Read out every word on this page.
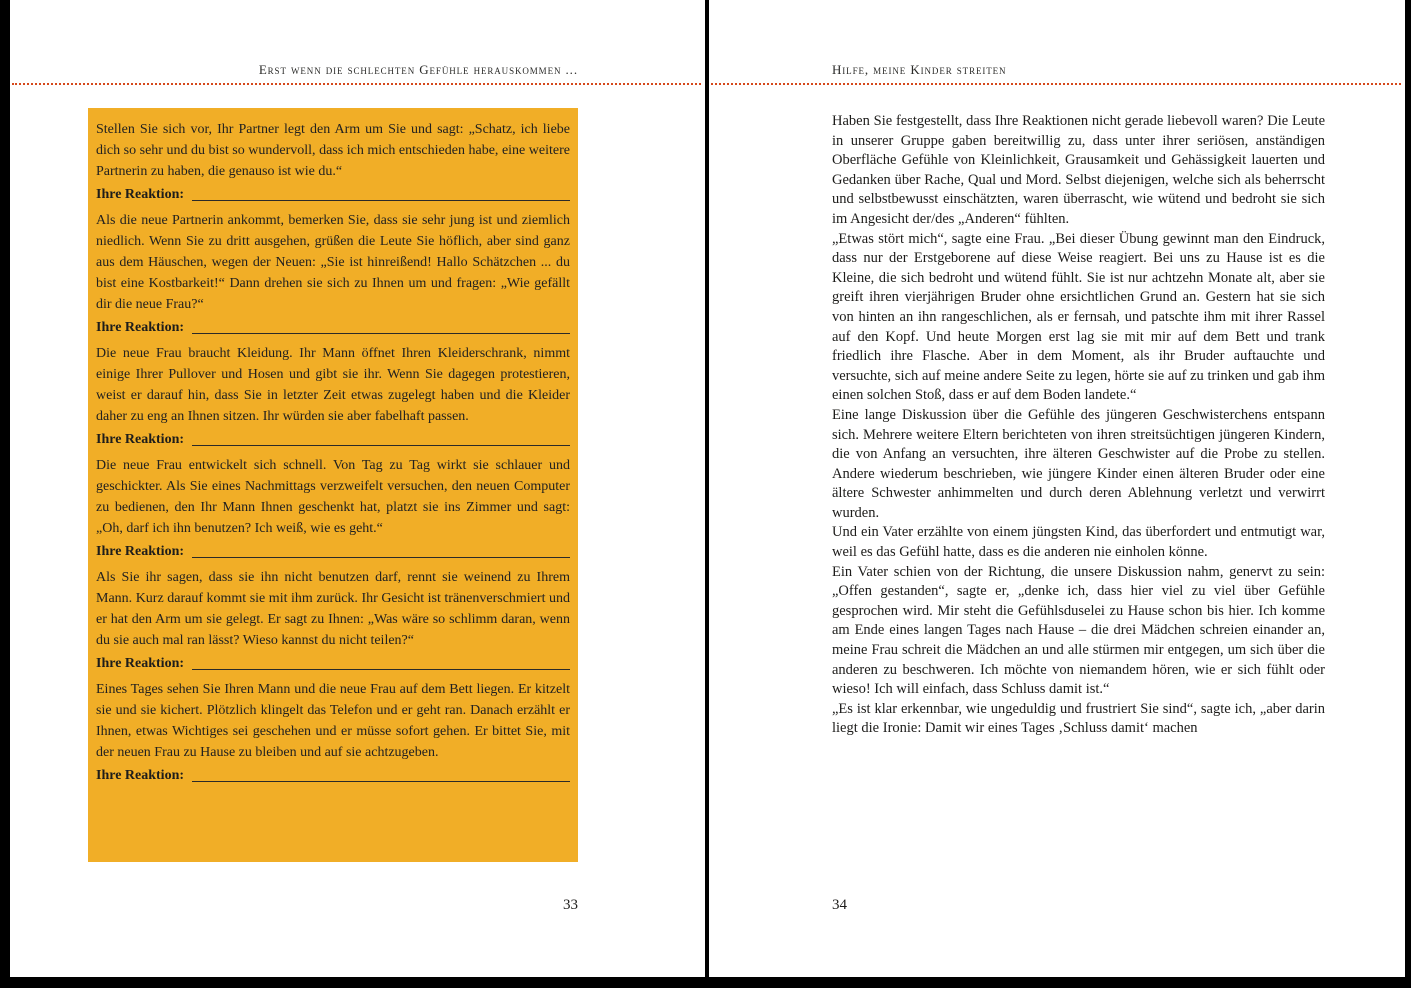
Erst wenn die schlechten Gefühle herauskommen ...

Stellen Sie sich vor, Ihr Partner legt den Arm um Sie und sagt: „Schatz, ich liebe dich so sehr und du bist so wundervoll, dass ich mich entschieden habe, eine weitere Partnerin zu haben, die genauso ist wie du.“

Ihre Reaktion:

Als die neue Partnerin ankommt, bemerken Sie, dass sie sehr jung ist und ziemlich niedlich. Wenn Sie zu dritt ausgehen, grüßen die Leute Sie höflich, aber sind ganz aus dem Häuschen, wegen der Neuen: „Sie ist hinreißend! Hallo Schätzchen ... du bist eine Kostbarkeit!“ Dann drehen sie sich zu Ihnen um und fragen: „Wie gefällt dir die neue Frau?“

Ihre Reaktion:

Die neue Frau braucht Kleidung. Ihr Mann öffnet Ihren Kleiderschrank, nimmt einige Ihrer Pullover und Hosen und gibt sie ihr. Wenn Sie dagegen protestieren, weist er darauf hin, dass Sie in letzter Zeit etwas zugelegt haben und die Kleider daher zu eng an Ihnen sitzen. Ihr würden sie aber fabelhaft passen.

Ihre Reaktion:

Die neue Frau entwickelt sich schnell. Von Tag zu Tag wirkt sie schlauer und geschickter. Als Sie eines Nachmittags verzweifelt versuchen, den neuen Computer zu bedienen, den Ihr Mann Ihnen geschenkt hat, platzt sie ins Zimmer und sagt: „Oh, darf ich ihn benutzen? Ich weiß, wie es geht.“

Ihre Reaktion:

Als Sie ihr sagen, dass sie ihn nicht benutzen darf, rennt sie weinend zu Ihrem Mann. Kurz darauf kommt sie mit ihm zurück. Ihr Gesicht ist tränenverschmiert und er hat den Arm um sie gelegt. Er sagt zu Ihnen: „Was wäre so schlimm daran, wenn du sie auch mal ran lässt? Wieso kannst du nicht teilen?“

Ihre Reaktion:

Eines Tages sehen Sie Ihren Mann und die neue Frau auf dem Bett liegen. Er kitzelt sie und sie kichert. Plötzlich klingelt das Telefon und er geht ran. Danach erzählt er Ihnen, etwas Wichtiges sei geschehen und er müsse sofort gehen. Er bittet Sie, mit der neuen Frau zu Hause zu bleiben und auf sie achtzugeben.

Ihre Reaktion:
33
Hilfe, meine Kinder streiten

Haben Sie festgestellt, dass Ihre Reaktionen nicht gerade liebevoll waren? Die Leute in unserer Gruppe gaben bereitwillig zu, dass unter ihrer seriösen, anständigen Oberfläche Gefühle von Kleinlichkeit, Grausamkeit und Gehässigkeit lauerten und Gedanken über Rache, Qual und Mord. Selbst diejenigen, welche sich als beherrscht und selbstbewusst einschätzten, waren überrascht, wie wütend und bedroht sie sich im Angesicht der/des „Anderen“ fühlten.

„Etwas stört mich“, sagte eine Frau. „Bei dieser Übung gewinnt man den Eindruck, dass nur der Erstgeborene auf diese Weise reagiert. Bei uns zu Hause ist es die Kleine, die sich bedroht und wütend fühlt. Sie ist nur achtzehn Monate alt, aber sie greift ihren vierjährigen Bruder ohne ersichtlichen Grund an. Gestern hat sie sich von hinten an ihn rangeschlichen, als er fernsah, und patschte ihm mit ihrer Rassel auf den Kopf. Und heute Morgen erst lag sie mit mir auf dem Bett und trank friedlich ihre Flasche. Aber in dem Moment, als ihr Bruder auftauchte und versuchte, sich auf meine andere Seite zu legen, hörte sie auf zu trinken und gab ihm einen solchen Stoß, dass er auf dem Boden landete.“

Eine lange Diskussion über die Gefühle des jüngeren Geschwisterchens entspann sich. Mehrere weitere Eltern berichteten von ihren streitsüchtigen jüngeren Kindern, die von Anfang an versuchten, ihre älteren Geschwister auf die Probe zu stellen. Andere wiederum beschrieben, wie jüngere Kinder einen älteren Bruder oder eine ältere Schwester anhimmelten und durch deren Ablehnung verletzt und verwirrt wurden.

Und ein Vater erzählte von einem jüngsten Kind, das überfordert und entmutigt war, weil es das Gefühl hatte, dass es die anderen nie einholen könne.

Ein Vater schien von der Richtung, die unsere Diskussion nahm, genervt zu sein: „Offen gestanden“, sagte er, „denke ich, dass hier viel zu viel über Gefühle gesprochen wird. Mir steht die Gefühlsduselei zu Hause schon bis hier. Ich komme am Ende eines langen Tages nach Hause – die drei Mädchen schreien einander an, meine Frau schreit die Mädchen an und alle stürmen mir entgegen, um sich über die anderen zu beschweren. Ich möchte von niemandem hören, wie er sich fühlt oder wieso! Ich will einfach, dass Schluss damit ist.“

„Es ist klar erkennbar, wie ungeduldig und frustriert Sie sind“, sagte ich, „aber darin liegt die Ironie: Damit wir eines Tages ‚Schluss damit‘ machen

34
